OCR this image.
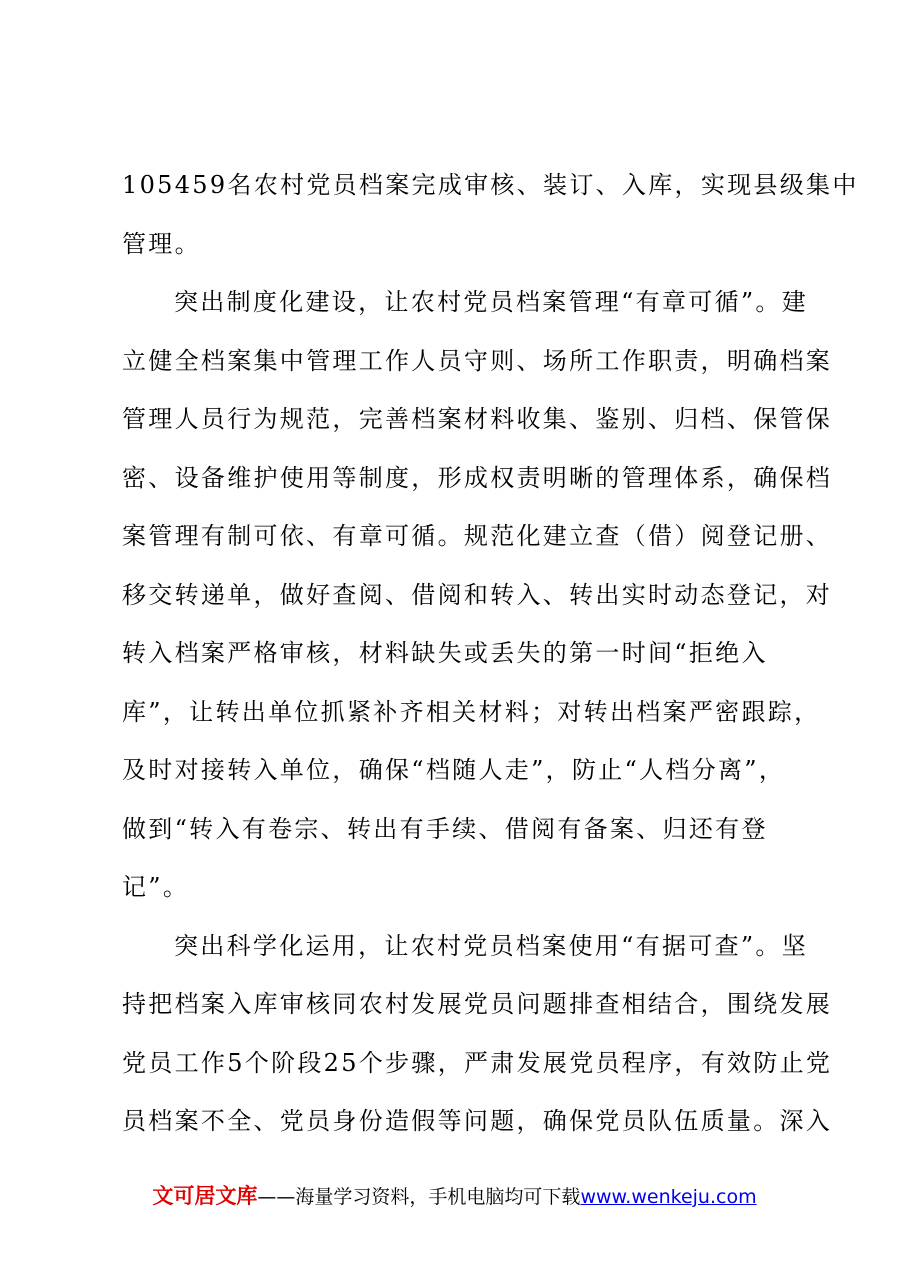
105459名农村党员档案完成审核、装订、入库，实现县级集中
管理。
突出制度化建设，让农村党员档案管理“有章可循”。建
立健全档案集中管理工作人员守则、场所工作职责，明确档案
管理人员行为规范，完善档案材料收集、鉴别、归档、保管保
密、设备维护使用等制度，形成权责明晰的管理体系，确保档
案管理有制可依、有章可循。规范化建立查（借）阅登记册、
移交转递单，做好查阅、借阅和转入、转出实时动态登记，对
转入档案严格审核，材料缺失或丢失的第一时间“拒绝入
库”，让转出单位抓紧补齐相关材料；对转出档案严密跟踪，
及时对接转入单位，确保“档随人走”，防止“人档分离”，
做到“转入有卷宗、转出有手续、借阅有备案、归还有登
记”。
突出科学化运用，让农村党员档案使用“有据可查”。坚
持把档案入库审核同农村发展党员问题排查相结合，围绕发展
党员工作5个阶段25个步骤，严肃发展党员程序，有效防止党
员档案不全、党员身份造假等问题，确保党员队伍质量。深入
文可居文库——海量学习资料，手机电脑均可下载www.wenkeju.com
